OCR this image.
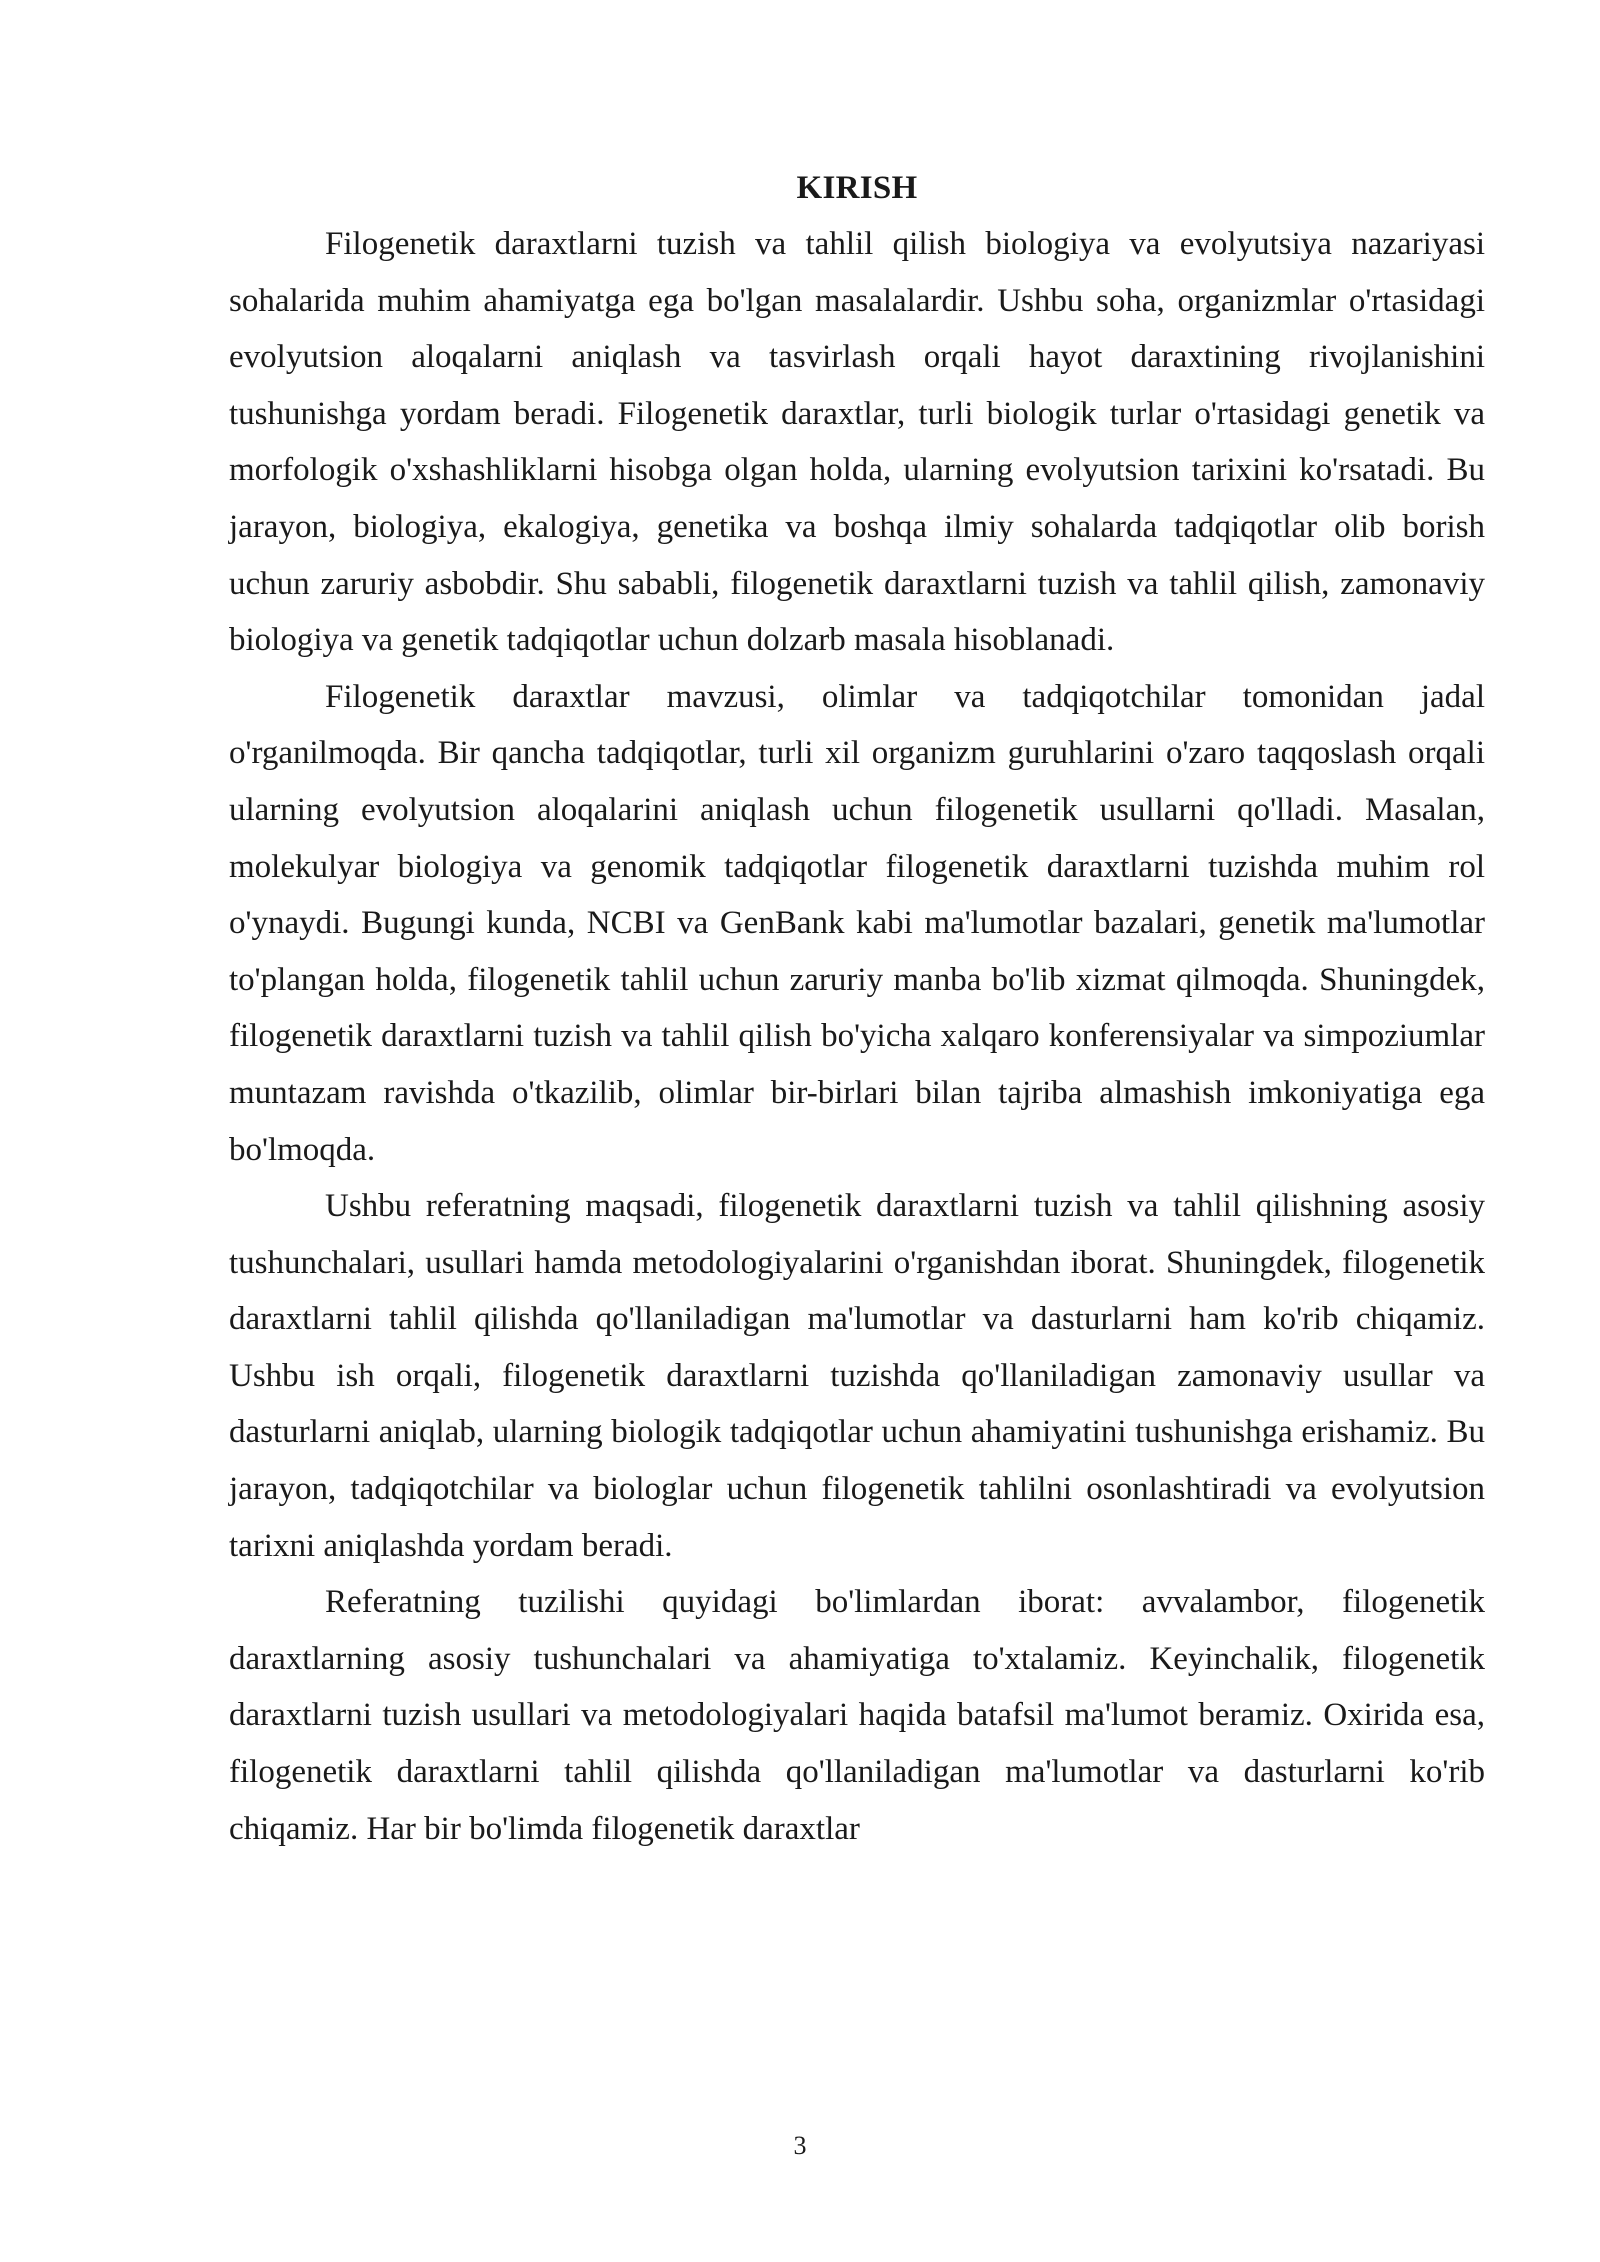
KIRISH

Filogenetik daraxtlarni tuzish va tahlil qilish biologiya va evolyutsiya nazariyasi sohalarida muhim ahamiyatga ega bo'lgan masalalardir. Ushbu soha, organizmlar o'rtasidagi evolyutsion aloqalarni aniqlash va tasvirlash orqali hayot daraxtining rivojlanishini tushunishga yordam beradi. Filogenetik daraxtlar, turli biologik turlar o'rtasidagi genetik va morfologik o'xshashliklarni hisobga olgan holda, ularning evolyutsion tarixini ko'rsatadi. Bu jarayon, biologiya, ekalogiya, genetika va boshqa ilmiy sohalarda tadqiqotlar olib borish uchun zaruriy asbobdir. Shu sababli, filogenetik daraxtlarni tuzish va tahlil qilish, zamonaviy biologiya va genetik tadqiqotlar uchun dolzarb masala hisoblanadi.

Filogenetik daraxtlar mavzusi, olimlar va tadqiqotchilar tomonidan jadal o'rganilmoqda. Bir qancha tadqiqotlar, turli xil organizm guruhlarini o'zaro taqqoslash orqali ularning evolyutsion aloqalarini aniqlash uchun filogenetik usullarni qo'lladi. Masalan, molekulyar biologiya va genomik tadqiqotlar filogenetik daraxtlarni tuzishda muhim rol o'ynaydi. Bugungi kunda, NCBI va GenBank kabi ma'lumotlar bazalari, genetik ma'lumotlar to'plangan holda, filogenetik tahlil uchun zaruriy manba bo'lib xizmat qilmoqda. Shuningdek, filogenetik daraxtlarni tuzish va tahlil qilish bo'yicha xalqaro konferensiyalar va simpoziumlar muntazam ravishda o'tkazilib, olimlar bir-birlari bilan tajriba almashish imkoniyatiga ega bo'lmoqda.

Ushbu referatning maqsadi, filogenetik daraxtlarni tuzish va tahlil qilishning asosiy tushunchalari, usullari hamda metodologiyalarini o'rganishdan iborat. Shuningdek, filogenetik daraxtlarni tahlil qilishda qo'llaniladigan ma'lumotlar va dasturlarni ham ko'rib chiqamiz. Ushbu ish orqali, filogenetik daraxtlarni tuzishda qo'llaniladigan zamonaviy usullar va dasturlarni aniqlab, ularning biologik tadqiqotlar uchun ahamiyatini tushunishga erishamiz. Bu jarayon, tadqiqotchilar va biologlar uchun filogenetik tahlilni osonlashtiradi va evolyutsion tarixni aniqlashda yordam beradi.

Referatning tuzilishi quyidagi bo'limlardan iborat: avvalambor, filogenetik daraxtlarning asosiy tushunchalari va ahamiyatiga to'xtalamiz. Keyinchalik, filogenetik daraxtlarni tuzish usullari va metodologiyalari haqida batafsil ma'lumot beramiz. Oxirida esa, filogenetik daraxtlarni tahlil qilishda qo'llaniladigan ma'lumotlar va dasturlarni ko'rib chiqamiz. Har bir bo'limda filogenetik daraxtlar

3
